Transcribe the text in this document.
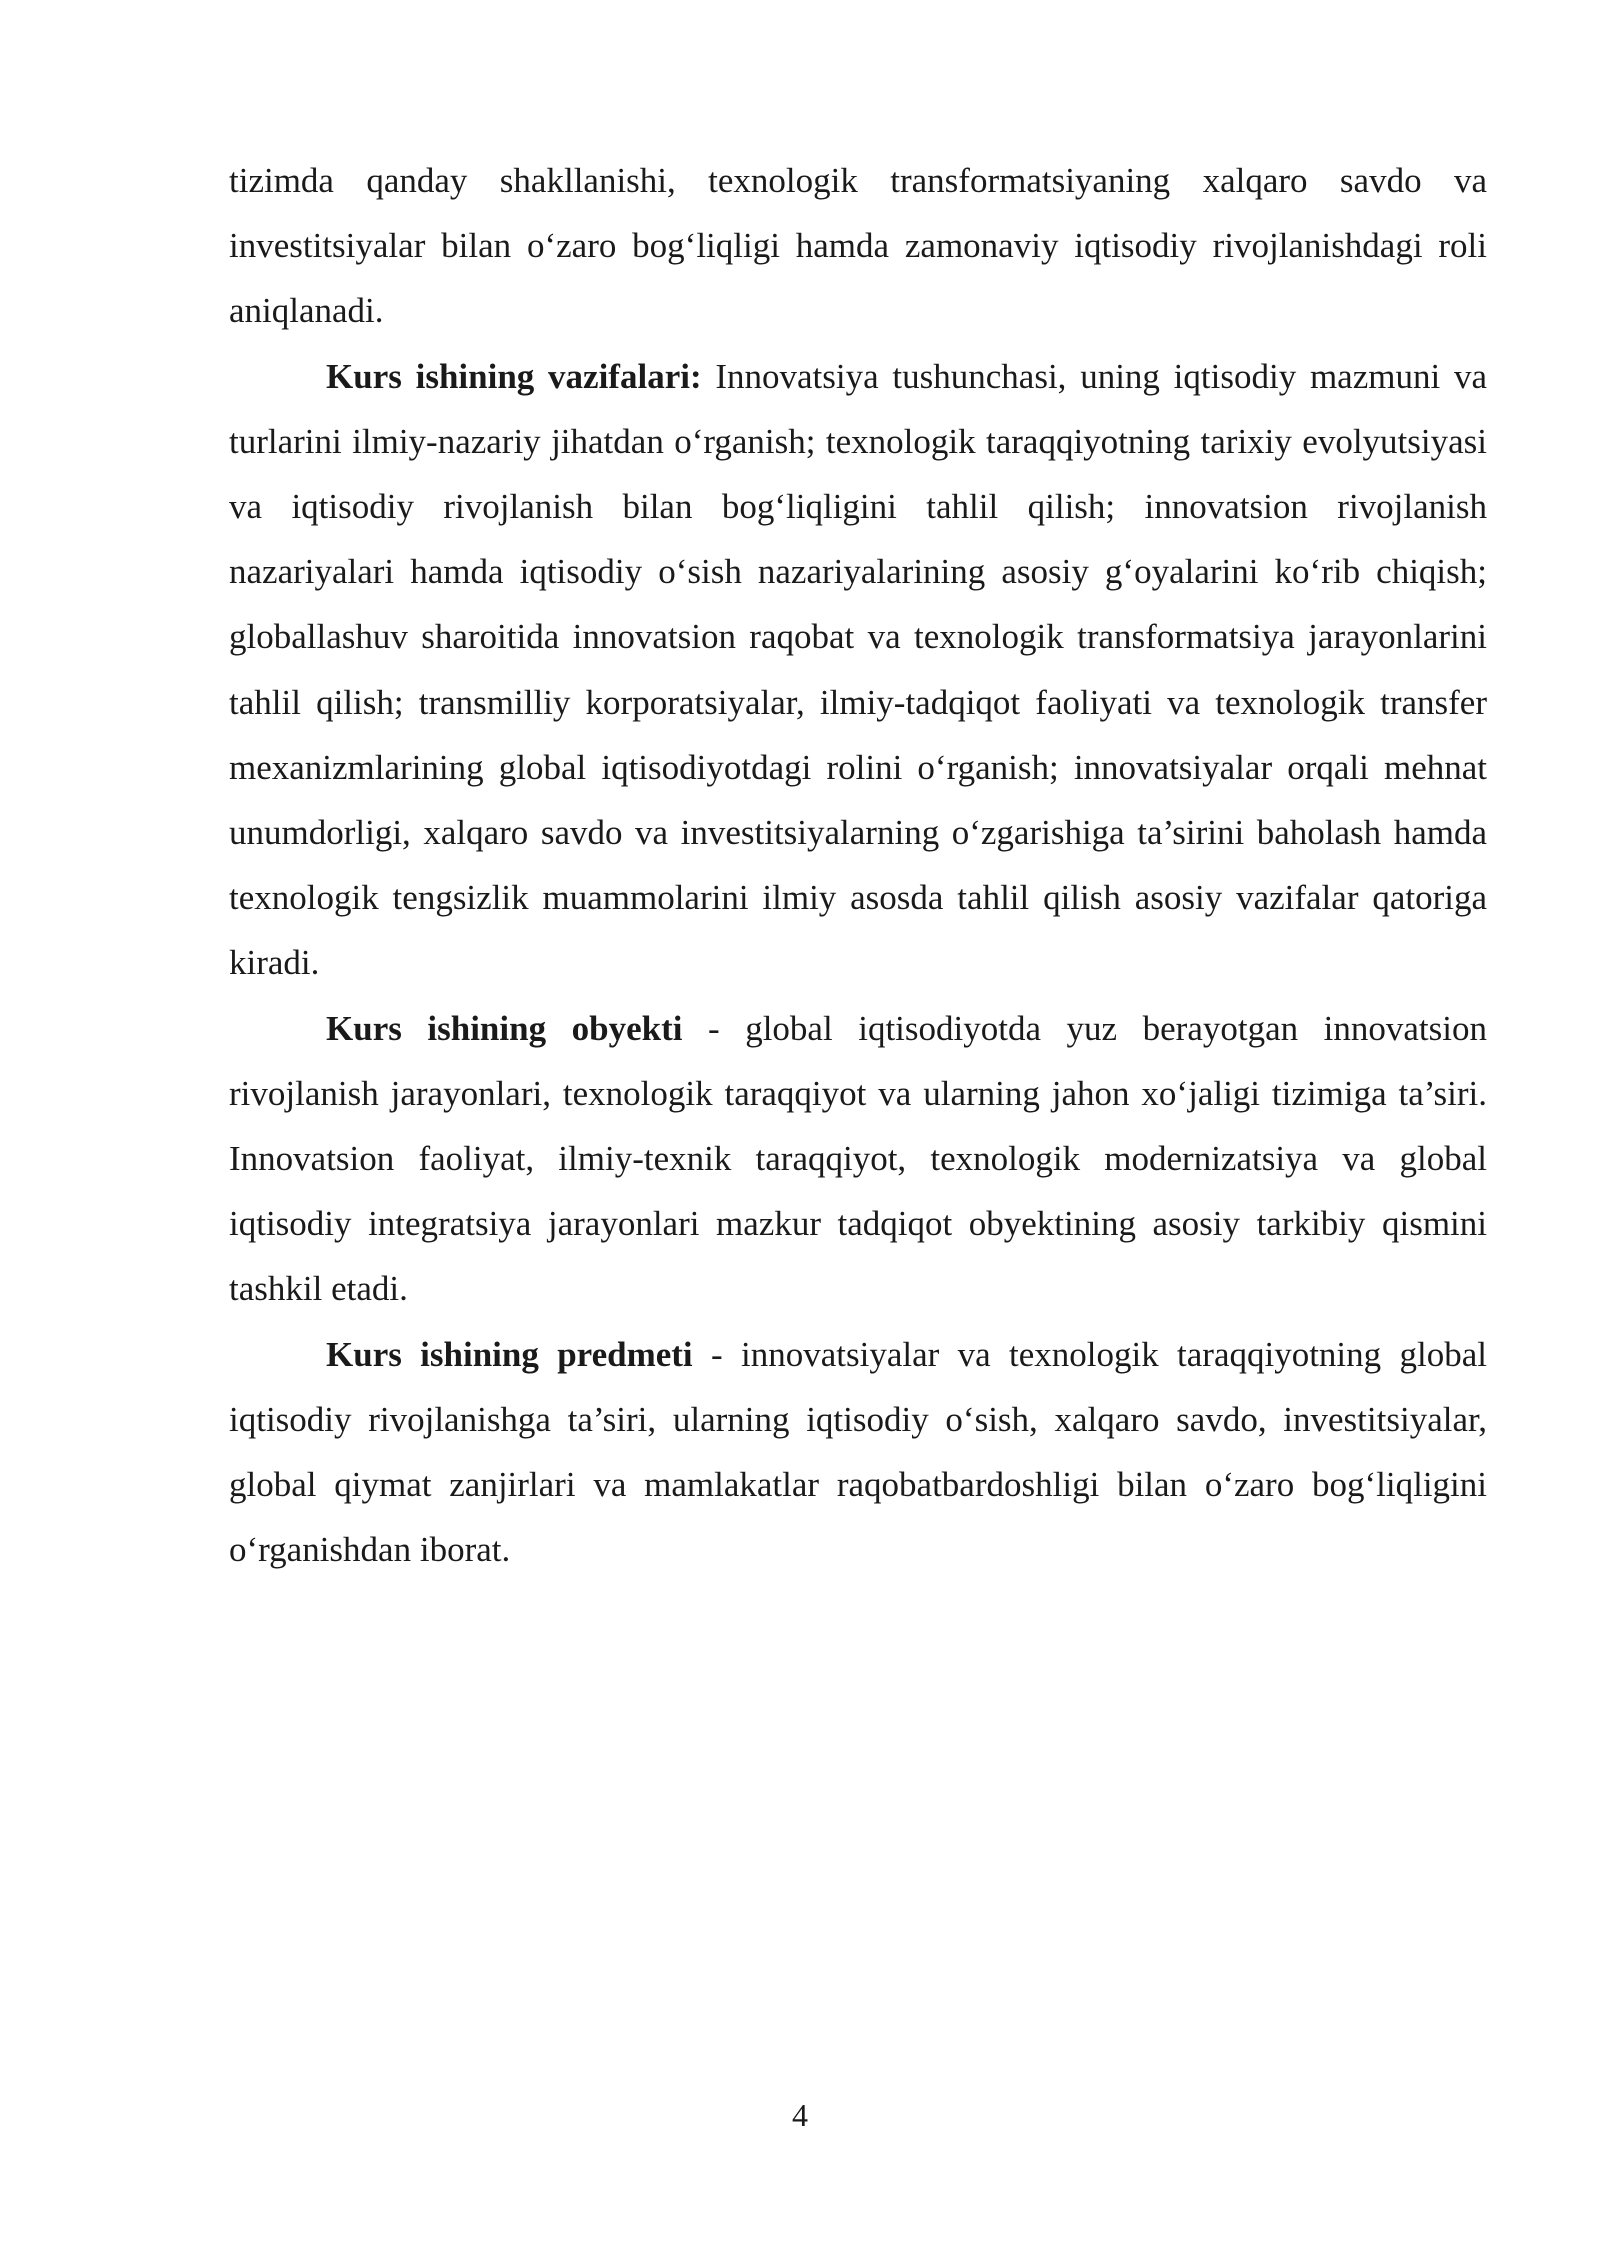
tizimda qanday shakllanishi, texnologik transformatsiyaning xalqaro savdo va investitsiyalar bilan o‘zaro bog‘liqligi hamda zamonaviy iqtisodiy rivojlanishdagi roli aniqlanadi.

Kurs ishining vazifalari: Innovatsiya tushunchasi, uning iqtisodiy mazmuni va turlarini ilmiy-nazariy jihatdan o‘rganish; texnologik taraqqiyotning tarixiy evolyutsiyasi va iqtisodiy rivojlanish bilan bog‘liqligini tahlil qilish; innovatsion rivojlanish nazariyalari hamda iqtisodiy o‘sish nazariyalarining asosiy g‘oyalarini ko‘rib chiqish; globallashuv sharoitida innovatsion raqobat va texnologik transformatsiya jarayonlarini tahlil qilish; transmilliy korporatsiyalar, ilmiy-tadqiqot faoliyati va texnologik transfer mexanizmlarining global iqtisodiyotdagi rolini o‘rganish; innovatsiyalar orqali mehnat unumdorligi, xalqaro savdo va investitsiyalarning o‘zgarishiga ta’sirini baholash hamda texnologik tengsizlik muammolarini ilmiy asosda tahlil qilish asosiy vazifalar qatoriga kiradi.

Kurs ishining obyekti - global iqtisodiyotda yuz berayotgan innovatsion rivojlanish jarayonlari, texnologik taraqqiyot va ularning jahon xo‘jaligi tizimiga ta’siri. Innovatsion faoliyat, ilmiy-texnik taraqqiyot, texnologik modernizatsiya va global iqtisodiy integratsiya jarayonlari mazkur tadqiqot obyektining asosiy tarkibiy qismini tashkil etadi.

Kurs ishining predmeti - innovatsiyalar va texnologik taraqqiyotning global iqtisodiy rivojlanishga ta’siri, ularning iqtisodiy o‘sish, xalqaro savdo, investitsiyalar, global qiymat zanjirlari va mamlakatlar raqobatbardoshligi bilan o‘zaro bog‘liqligini o‘rganishdan iborat.

4
